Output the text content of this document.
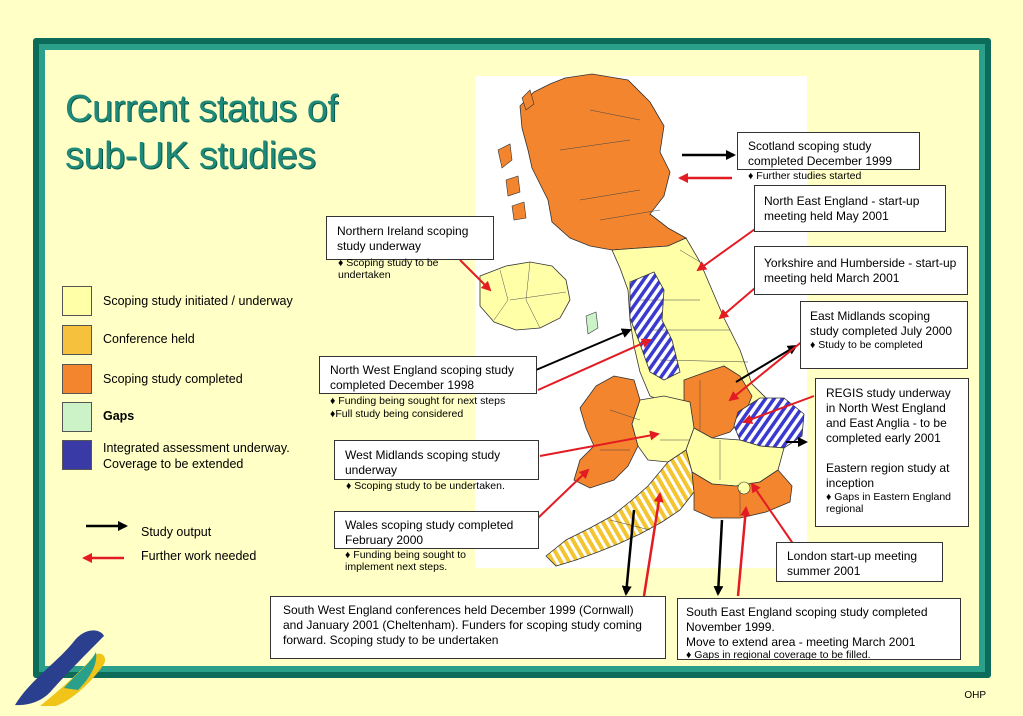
Current status of
sub-UK studies
Scoping study initiated / underway
Conference held
Scoping study completed
Gaps
Integrated assessment underway. Coverage to be extended
Study output
Further work needed
Scotland scoping study completed December 1999
♦ Further studies started
North East England - start-up meeting held May 2001
Yorkshire and Humberside - start-up meeting held March 2001
East Midlands scoping study completed July 2000
♦ Study to be completed
REGIS study underway in North West England and East Anglia - to be completed early 2001
Eastern region study at inception
♦ Gaps in Eastern England regional
Northern Ireland scoping study underway
♦ Scoping study to be undertaken
North West England scoping study completed December 1998
♦ Funding being sought for next steps
♦Full study being considered
West Midlands scoping study underway
♦ Scoping study to be undertaken.
Wales scoping study completed February 2000
♦ Funding being sought to implement next steps.
London start-up meeting summer 2001
South West England conferences held December 1999 (Cornwall) and January 2001 (Cheltenham). Funders for scoping study coming forward. Scoping study to be undertaken
South East England scoping study completed November 1999.
Move to extend area - meeting March 2001
♦ Gaps in regional coverage to be filled.
OHP
